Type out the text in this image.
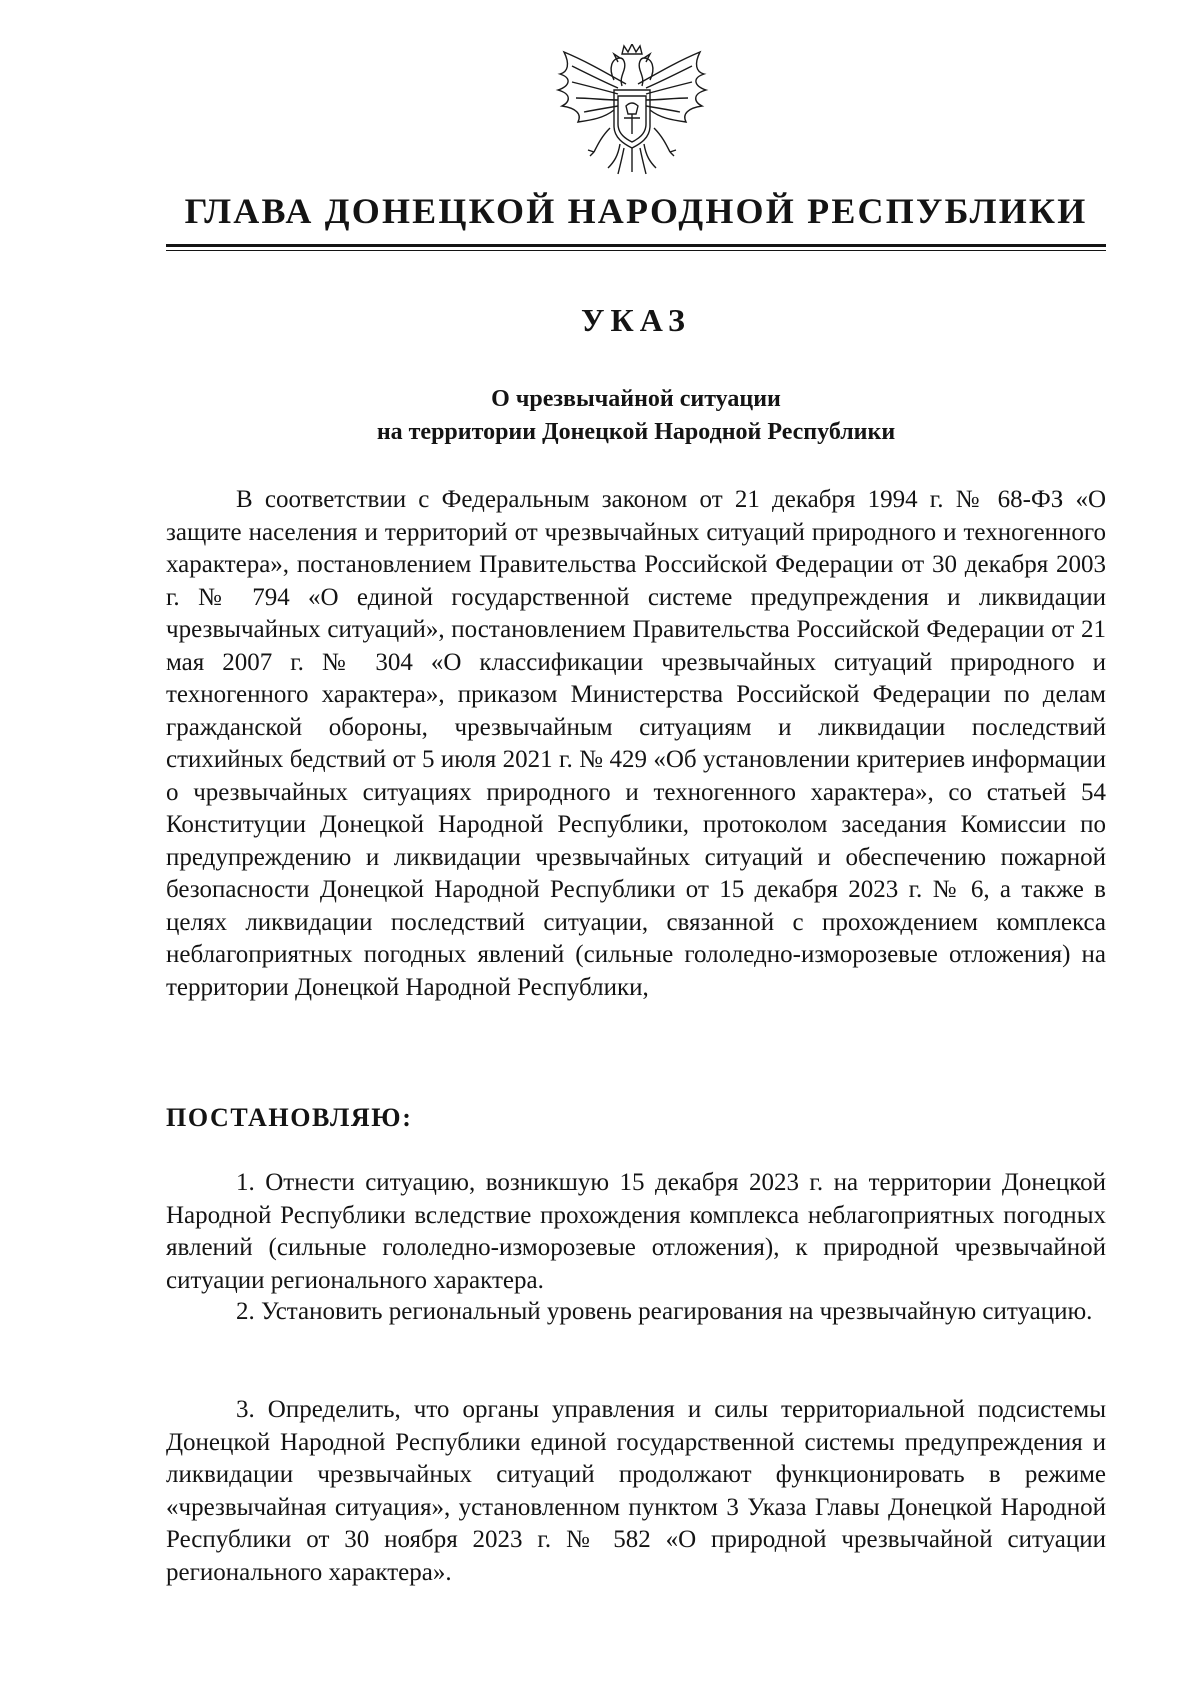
ГЛАВА ДОНЕЦКОЙ НАРОДНОЙ РЕСПУБЛИКИ
УКАЗ
О чрезвычайной ситуации
на территории Донецкой Народной Республики

В соответствии с Федеральным законом от 21 декабря 1994 г. № 68-ФЗ «О защите населения и территорий от чрезвычайных ситуаций природного и техногенного характера», постановлением Правительства Российской Федерации от 30 декабря 2003 г. № 794 «О единой государственной системе предупреждения и ликвидации чрезвычайных ситуаций», постановлением Правительства Российской Федерации от 21 мая 2007 г. № 304 «О классификации чрезвычайных ситуаций природного и техногенного характера», приказом Министерства Российской Федерации по делам гражданской обороны, чрезвычайным ситуациям и ликвидации последствий стихийных бедствий от 5 июля 2021 г. № 429 «Об установлении критериев информации о чрезвычайных ситуациях природного и техногенного характера», со статьей 54 Конституции Донецкой Народной Республики, протоколом заседания Комиссии по предупреждению и ликвидации чрезвычайных ситуаций и обеспечению пожарной безопасности Донецкой Народной Республики от 15 декабря 2023 г. № 6, а также в целях ликвидации последствий ситуации, связанной с прохождением комплекса неблагоприятных погодных явлений (сильные гололедно-изморозевые отложения) на территории Донецкой Народной Республики,

ПОСТАНОВЛЯЮ:

1. Отнести ситуацию, возникшую 15 декабря 2023 г. на территории Донецкой Народной Республики вследствие прохождения комплекса неблагоприятных погодных явлений (сильные гололедно-изморозевые отложения), к природной чрезвычайной ситуации регионального характера.

2. Установить региональный уровень реагирования на чрезвычайную ситуацию.

3. Определить, что органы управления и силы территориальной подсистемы Донецкой Народной Республики единой государственной системы предупреждения и ликвидации чрезвычайных ситуаций продолжают функционировать в режиме «чрезвычайная ситуация», установленном пунктом 3 Указа Главы Донецкой Народной Республики от 30 ноября 2023 г. № 582 «О природной чрезвычайной ситуации регионального характера».
